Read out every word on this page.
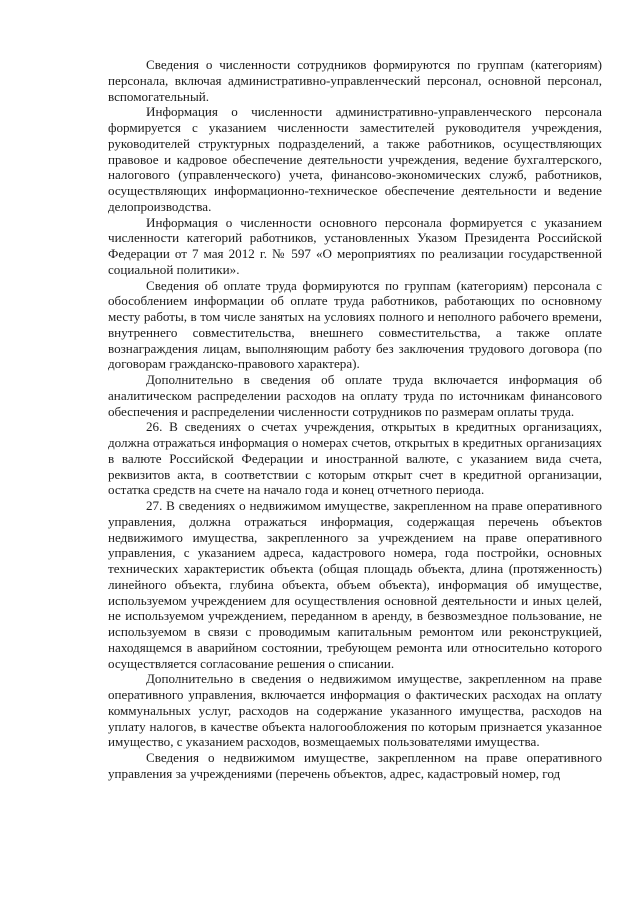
Сведения о численности сотрудников формируются по группам (категориям) персонала, включая административно-управленческий персонал, основной персонал, вспомогательный.

Информация о численности административно-управленческого персонала формируется с указанием численности заместителей руководителя учреждения, руководителей структурных подразделений, а также работников, осуществляющих правовое и кадровое обеспечение деятельности учреждения, ведение бухгалтерского, налогового (управленческого) учета, финансово-экономических служб, работников, осуществляющих информационно-техническое обеспечение деятельности и ведение делопроизводства.

Информация о численности основного персонала формируется с указанием численности категорий работников, установленных Указом Президента Российской Федерации от 7 мая 2012 г. № 597 «О мероприятиях по реализации государственной социальной политики».

Сведения об оплате труда формируются по группам (категориям) персонала с обособлением информации об оплате труда работников, работающих по основному месту работы, в том числе занятых на условиях полного и неполного рабочего времени, внутреннего совместительства, внешнего совместительства, а также оплате вознаграждения лицам, выполняющим работу без заключения трудового договора (по договорам гражданско-правового характера).

Дополнительно в сведения об оплате труда включается информация об аналитическом распределении расходов на оплату труда по источникам финансового обеспечения и распределении численности сотрудников по размерам оплаты труда.

26. В сведениях о счетах учреждения, открытых в кредитных организациях, должна отражаться информация о номерах счетов, открытых в кредитных организациях в валюте Российской Федерации и иностранной валюте, с указанием вида счета, реквизитов акта, в соответствии с которым открыт счет в кредитной организации, остатка средств на счете на начало года и конец отчетного периода.

27. В сведениях о недвижимом имуществе, закрепленном на праве оперативного управления, должна отражаться информация, содержащая перечень объектов недвижимого имущества, закрепленного за учреждением на праве оперативного управления, с указанием адреса, кадастрового номера, года постройки, основных технических характеристик объекта (общая площадь объекта, длина (протяженность) линейного объекта, глубина объекта, объем объекта), информация об имуществе, используемом учреждением для осуществления основной деятельности и иных целей, не используемом учреждением, переданном в аренду, в безвозмездное пользование, не используемом в связи с проводимым капитальным ремонтом или реконструкцией, находящемся в аварийном состоянии, требующем ремонта или относительно которого осуществляется согласование решения о списании.

Дополнительно в сведения о недвижимом имуществе, закрепленном на праве оперативного управления, включается информация о фактических расходах на оплату коммунальных услуг, расходов на содержание указанного имущества, расходов на уплату налогов, в качестве объекта налогообложения по которым признается указанное имущество, с указанием расходов, возмещаемых пользователями имущества.

Сведения о недвижимом имуществе, закрепленном на праве оперативного управления за учреждениями (перечень объектов, адрес, кадастровый номер, год
